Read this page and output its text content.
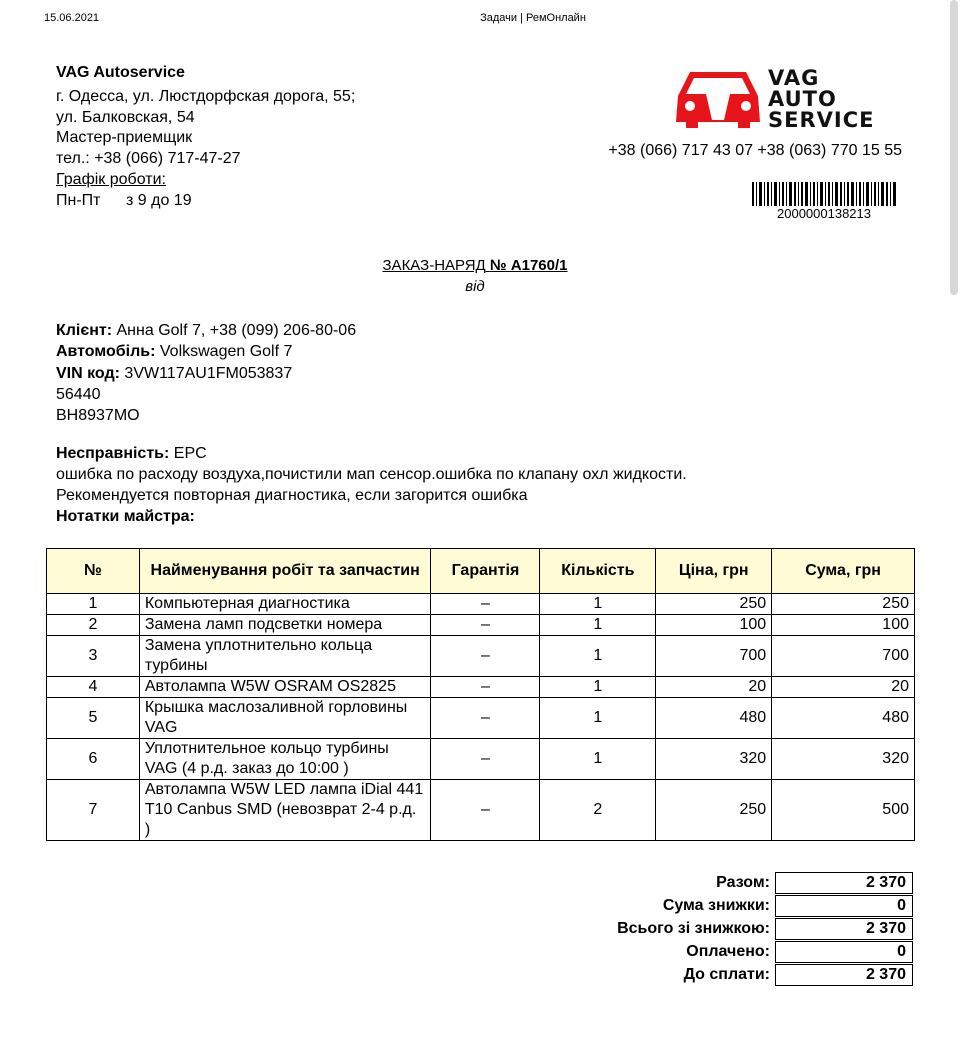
15.06.2021	Задачи | РемОнлайн
VAG Autoservice
г. Одесса, ул. Люстдорфская дорога, 55;
ул. Балковская, 54
Мастер-приемщик
тел.: +38 (066) 717-47-27
Графік роботи:
Пн-Пт з 9 до 19
VAG
AUTO
SERVICE
+38 (066) 717 43 07 +38 (063) 770 15 55
2000000138213
ЗАКАЗ-НАРЯД № A1760/1
від
Клієнт: Анна Golf 7, +38 (099) 206-80-06
Автомобіль: Volkswagen Golf 7
VIN код: 3VW117AU1FM053837
56440
ВН8937МО
Несправність: EPC
ошибка по расходу воздуха,почистили мап сенсор.ошибка по клапану охл жидкости.
Рекомендуется повторная диагностика, если загорится ошибка
Нотатки майстра:
№	Найменування робіт та запчастин	Гарантія	Кількість	Ціна, грн	Сума, грн
1	Компьютерная диагностика	–	1	250	250
2	Замена ламп подсветки номера	–	1	100	100
3	Замена уплотнительно кольца турбины	–	1	700	700
4	Автолампа W5W OSRAM OS2825	–	1	20	20
5	Крышка маслозаливной горловины VAG	–	1	480	480
6	Уплотнительное кольцо турбины VAG (4 р.д. заказ до 10:00 )	–	1	320	320
7	Автолампа W5W LED лампа iDial 441 T10 Canbus SMD (невозврат 2-4 р.д. )	–	2	250	500
Разом:	2 370
Сума знижки:	0
Всього зі знижкою:	2 370
Оплачено:	0
До сплати:	2 370
